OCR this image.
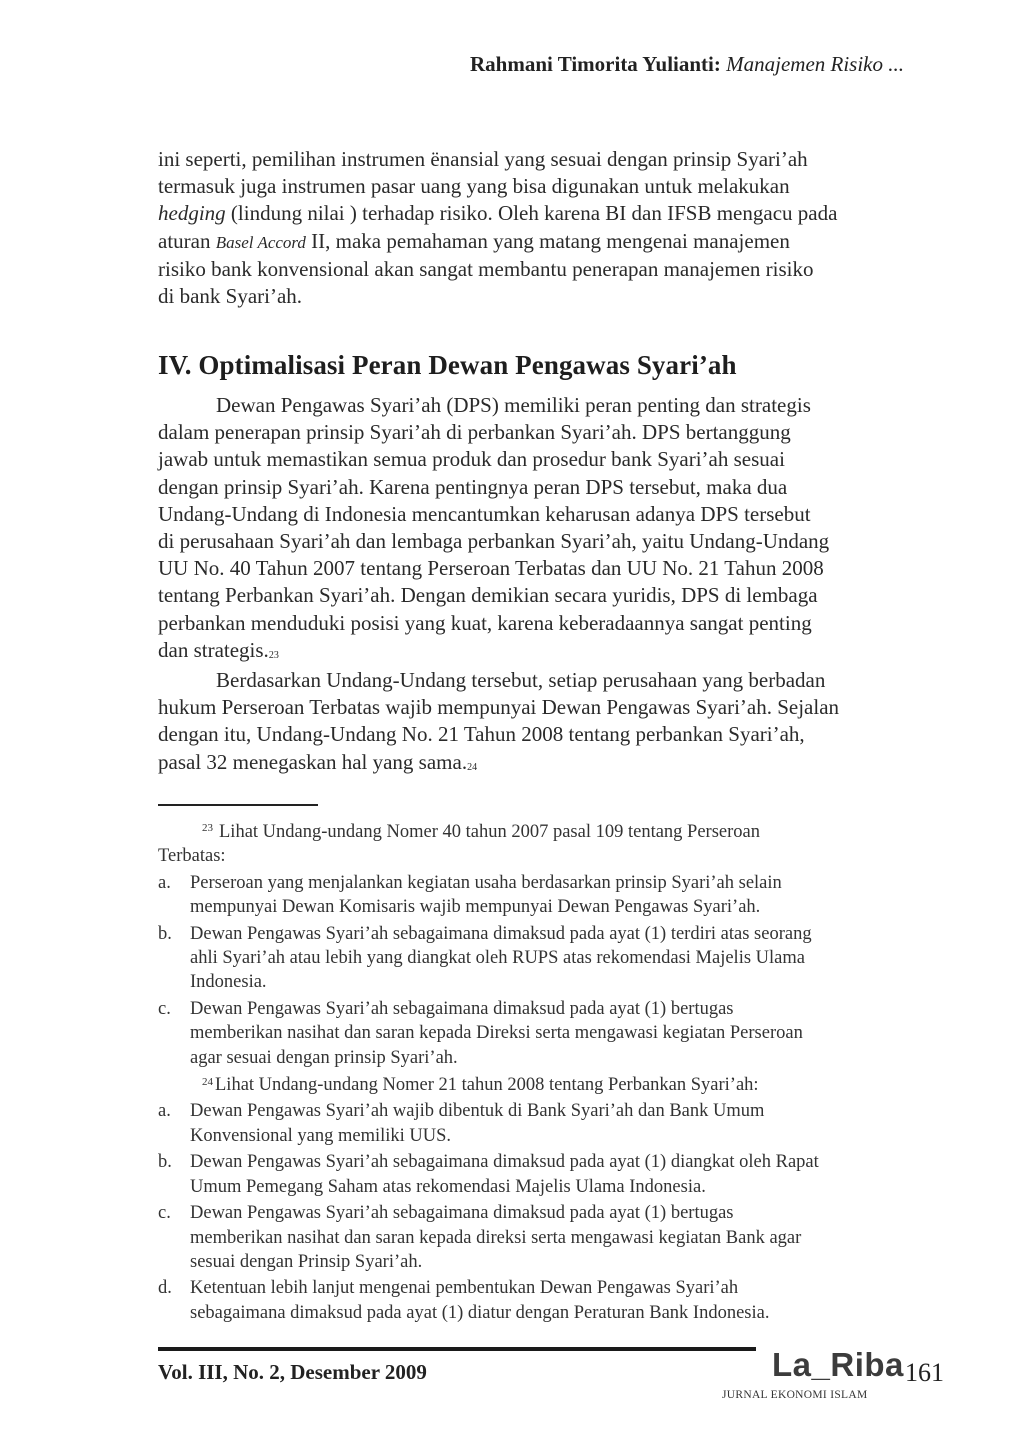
Rahmani Timorita Yulianti: Manajemen Risiko ...
ini seperti, pemilihan instrumen ënansial yang sesuai dengan prinsip Syari’ah
termasuk juga instrumen pasar uang yang bisa digunakan untuk melakukan
hedging (lindung nilai ) terhadap risiko. Oleh karena BI dan IFSB mengacu pada
aturan Basel Accord II, maka pemahaman yang matang mengenai manajemen
risiko bank konvensional akan sangat membantu penerapan manajemen risiko
di bank Syari’ah.
IV. Optimalisasi Peran Dewan Pengawas Syari’ah
Dewan Pengawas Syari’ah (DPS) memiliki peran penting dan strategis
dalam penerapan prinsip Syari’ah di perbankan Syari’ah. DPS bertanggung
jawab untuk memastikan semua produk dan prosedur bank Syari’ah sesuai
dengan prinsip Syari’ah. Karena pentingnya peran DPS tersebut, maka dua
Undang-Undang di Indonesia mencantumkan keharusan adanya DPS tersebut
di perusahaan Syari’ah dan lembaga perbankan Syari’ah, yaitu Undang-Undang
UU No. 40 Tahun 2007 tentang Perseroan Terbatas dan UU No. 21 Tahun 2008
tentang Perbankan Syari’ah. Dengan demikian secara yuridis, DPS di lembaga
perbankan menduduki posisi yang kuat, karena keberadaannya sangat penting
dan strategis.$^{23}$
Berdasarkan Undang-Undang tersebut, setiap perusahaan yang berbadan
hukum Perseroan Terbatas wajib mempunyai Dewan Pengawas Syari’ah. Sejalan
dengan itu, Undang-Undang No. 21 Tahun 2008 tentang perbankan Syari’ah,
pasal 32 menegaskan hal yang sama.$^{24}$

$^{23}$ Lihat Undang-undang Nomer 40 tahun 2007 pasal 109 tentang Perseroan

Terbatas:

a.	Perseroan yang menjalankan kegiatan usaha berdasarkan prinsip Syari’ah selain
mempunyai Dewan Komisaris wajib mempunyai Dewan Pengawas Syari’ah.
b. Dewan Pengawas Syari’ah sebagaimana dimaksud pada ayat (1) terdiri atas seorang
ahli Syari’ah atau lebih yang diangkat oleh RUPS atas rekomendasi Majelis Ulama
Indonesia.
c.	Dewan Pengawas Syari’ah sebagaimana dimaksud pada ayat (1) bertugas
memberikan nasihat dan saran kepada Direksi serta mengawasi kegiatan Perseroan
agar sesuai dengan prinsip Syari’ah.

$^{24}$ Lihat Undang-undang Nomer 21 tahun 2008 tentang Perbankan Syari’ah:

a.	Dewan Pengawas Syari’ah wajib dibentuk di Bank Syari’ah dan Bank Umum
Konvensional yang memiliki UUS.
b. Dewan Pengawas Syari’ah sebagaimana dimaksud pada ayat (1) diangkat oleh Rapat
Umum Pemegang Saham atas rekomendasi Majelis Ulama Indonesia.
c.	Dewan Pengawas Syari’ah sebagaimana dimaksud pada ayat (1) bertugas
memberikan nasihat dan saran kepada direksi serta mengawasi kegiatan Bank agar
sesuai dengan Prinsip Syari’ah.
d. Ketentuan lebih lanjut mengenai pembentukan Dewan Pengawas Syari’ah
sebagaimana dimaksud pada ayat (1) diatur dengan Peraturan Bank Indonesia.
Vol. III, No. 2, Desember 2009	La_Riba 161
JURNAL EKONOMI ISLAM
